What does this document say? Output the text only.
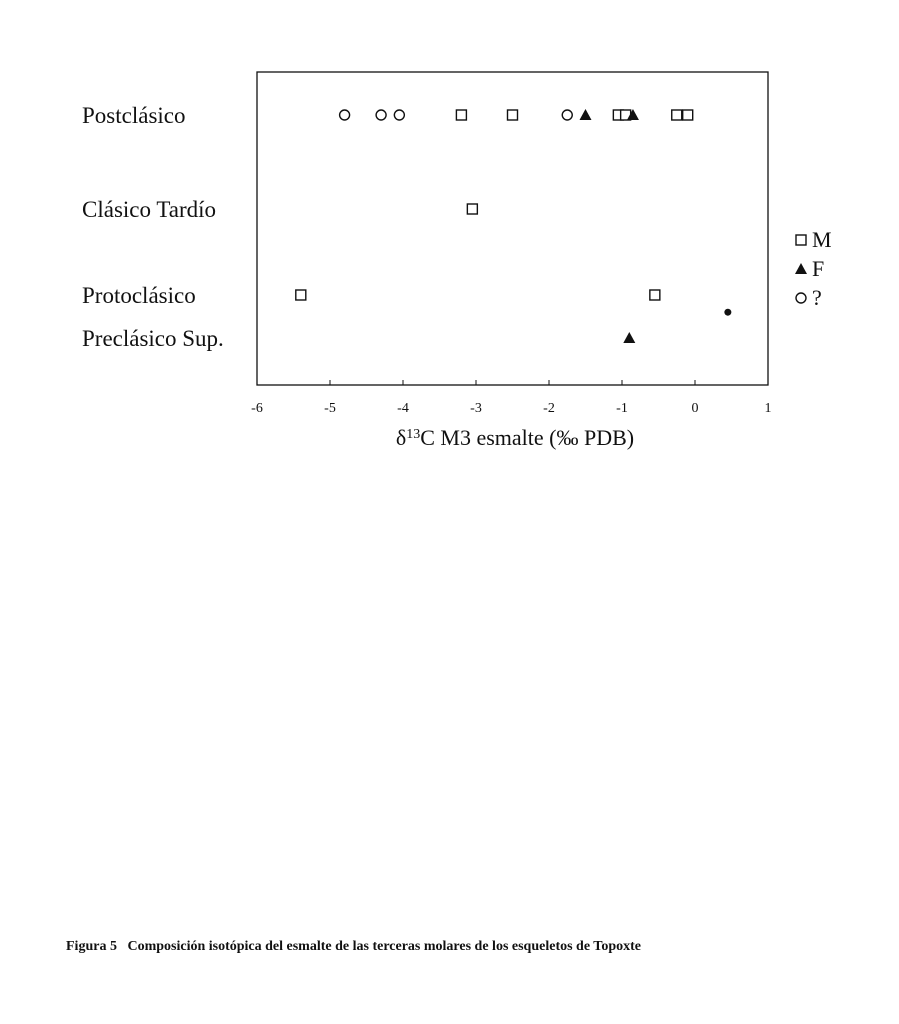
Postclásico
Clásico Tardío
Protoclásico
Preclásico Sup.
-6	-5	-4	-3	-2	-1	0	1
$\delta^{13}C$ M3 esmalte (‰ PDB)
M
F
?
Figura 5 Composición isotópica del esmalte de las terceras molares de los esqueletos de Topoxte
